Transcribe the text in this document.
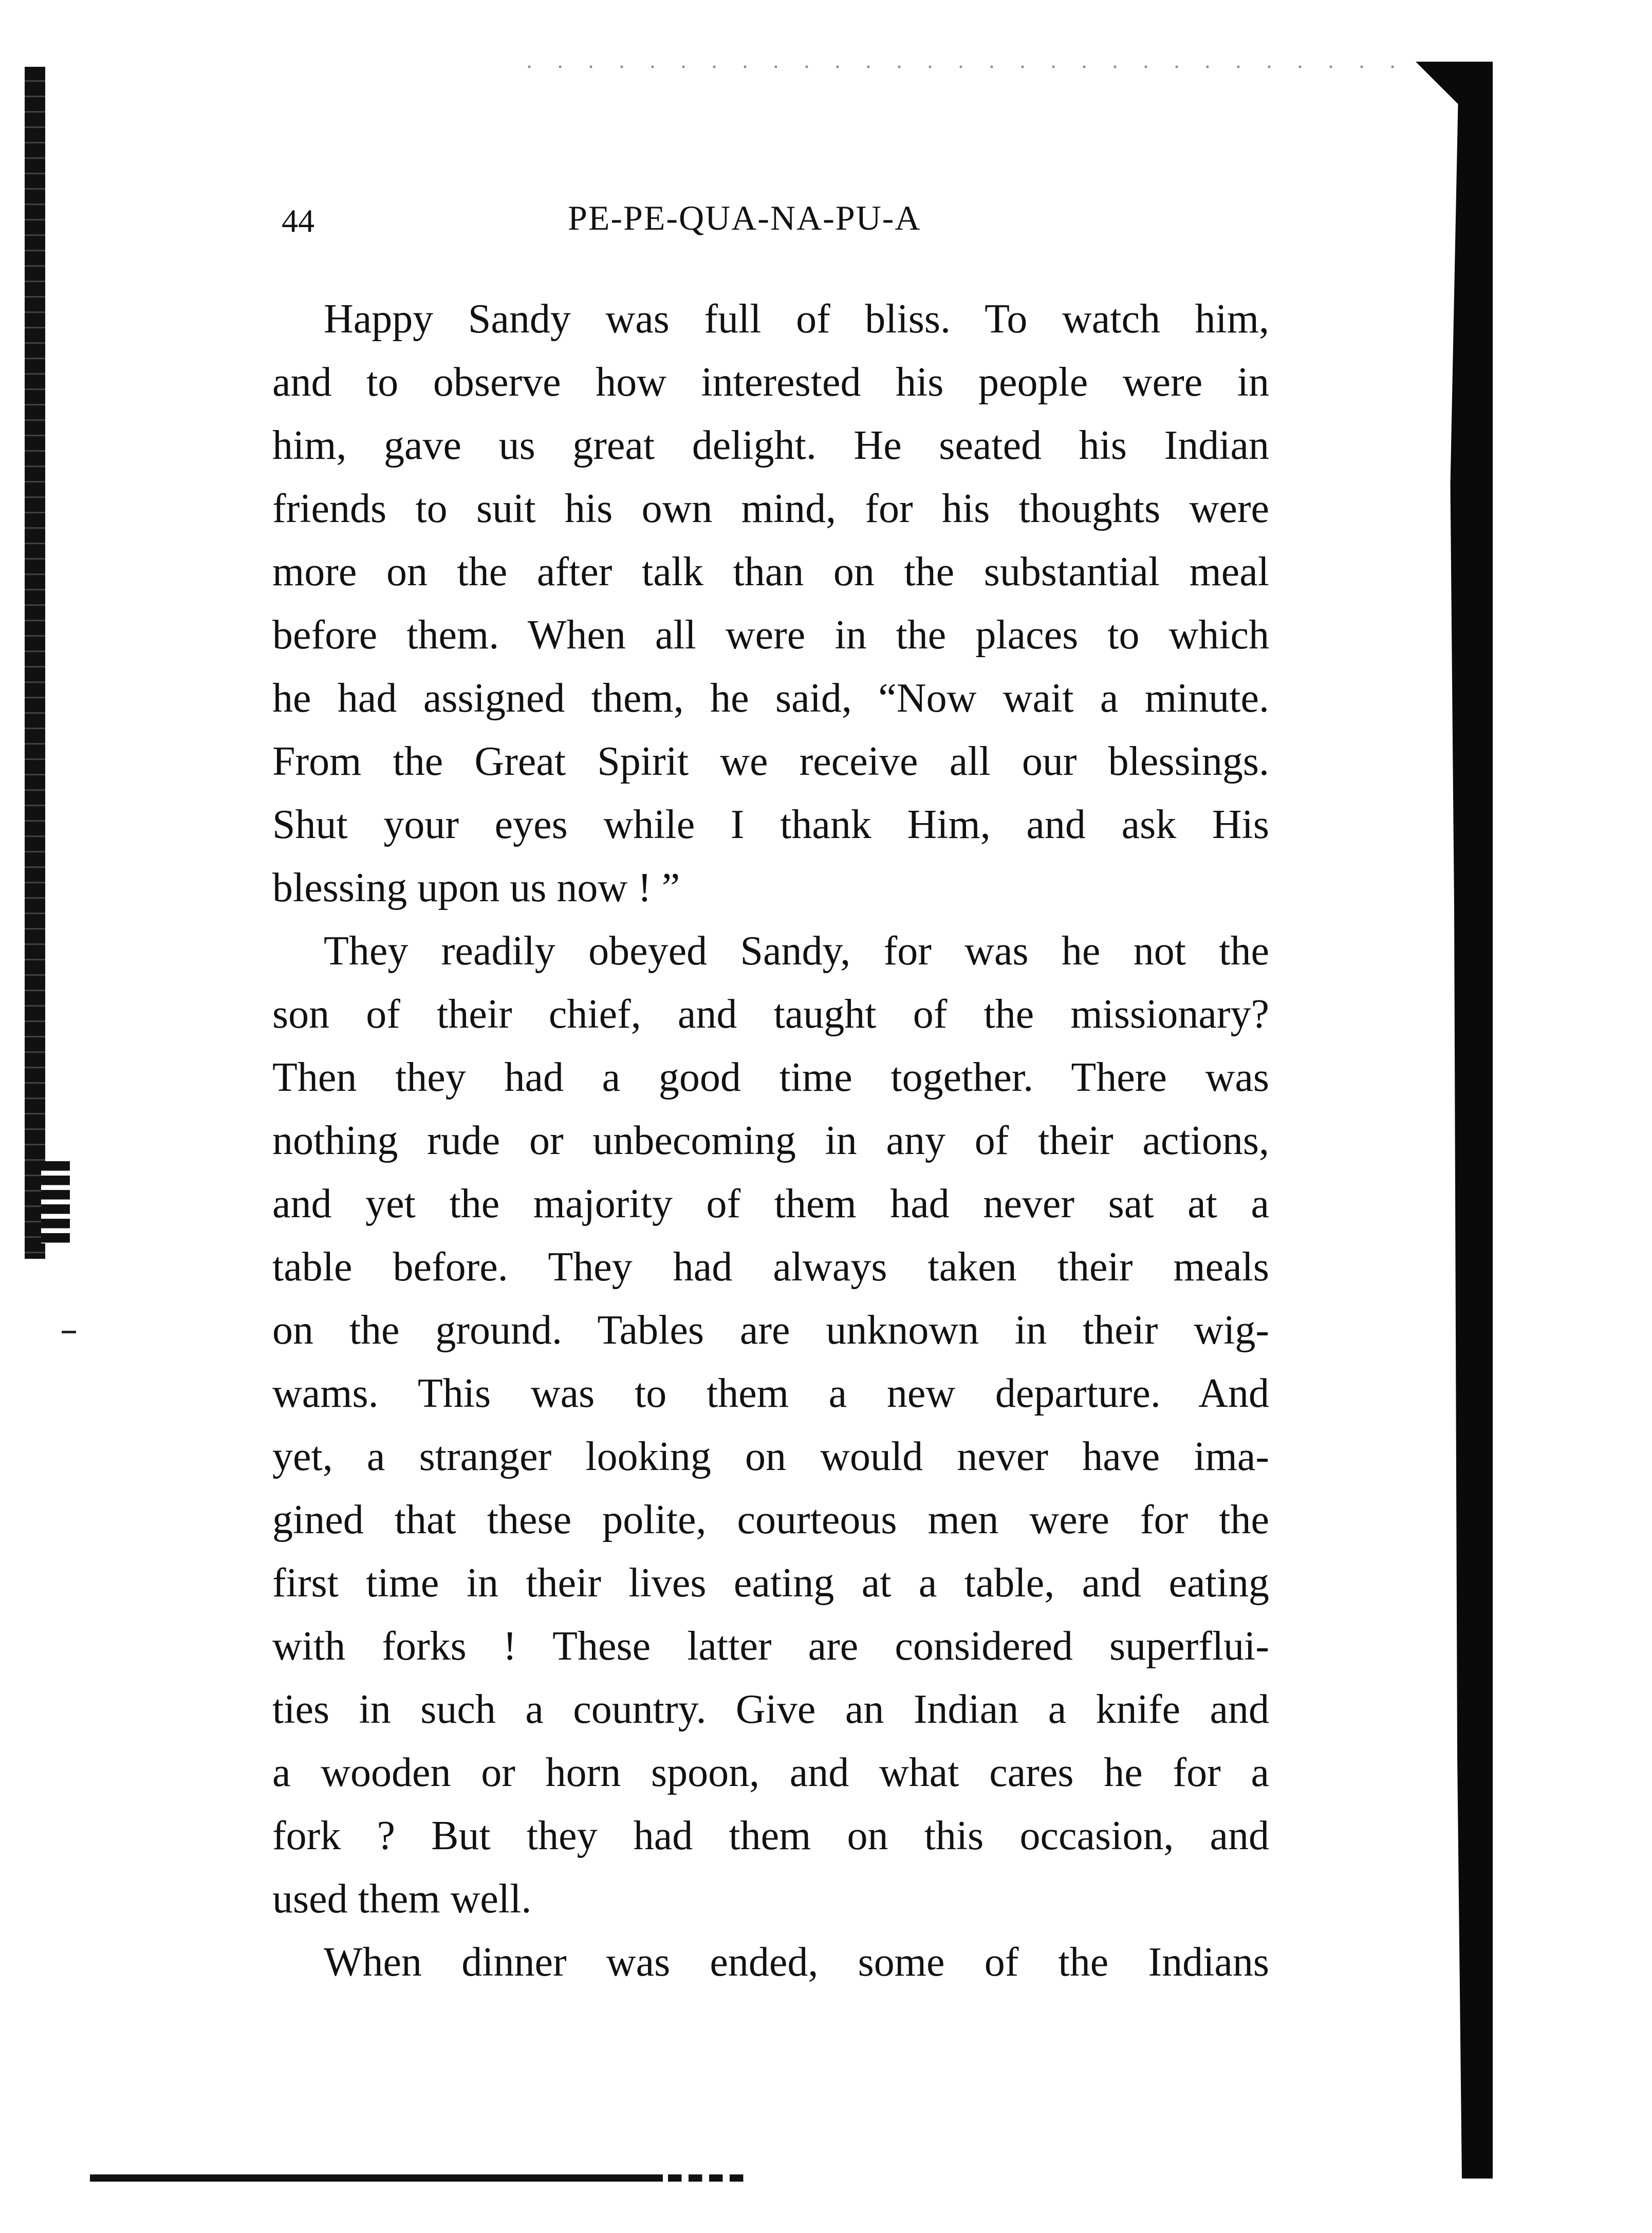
44	PE-PE-QUA-NA-PU-A
Happy Sandy was full of bliss. To watch him,
and to observe how interested his people were in
him, gave us great delight. He seated his Indian
friends to suit his own mind, for his thoughts were
more on the after talk than on the substantial meal
before them. When all were in the places to which
he had assigned them, he said, “Now wait a minute.
From the Great Spirit we receive all our blessings.
Shut your eyes while I thank Him, and ask His
blessing upon us now ! ”
They readily obeyed Sandy, for was he not the
son of their chief, and taught of the missionary?
Then they had a good time together. There was
nothing rude or unbecoming in any of their actions,
and yet the majority of them had never sat at a
table before. They had always taken their meals
on the ground. Tables are unknown in their wig-
wams. This was to them a new departure. And
yet, a stranger looking on would never have ima-
gined that these polite, courteous men were for the
first time in their lives eating at a table, and eating
with forks ! These latter are considered superflui-
ties in such a country. Give an Indian a knife and
a wooden or horn spoon, and what cares he for a
fork ? But they had them on this occasion, and
used them well.
When dinner was ended, some of the Indians
